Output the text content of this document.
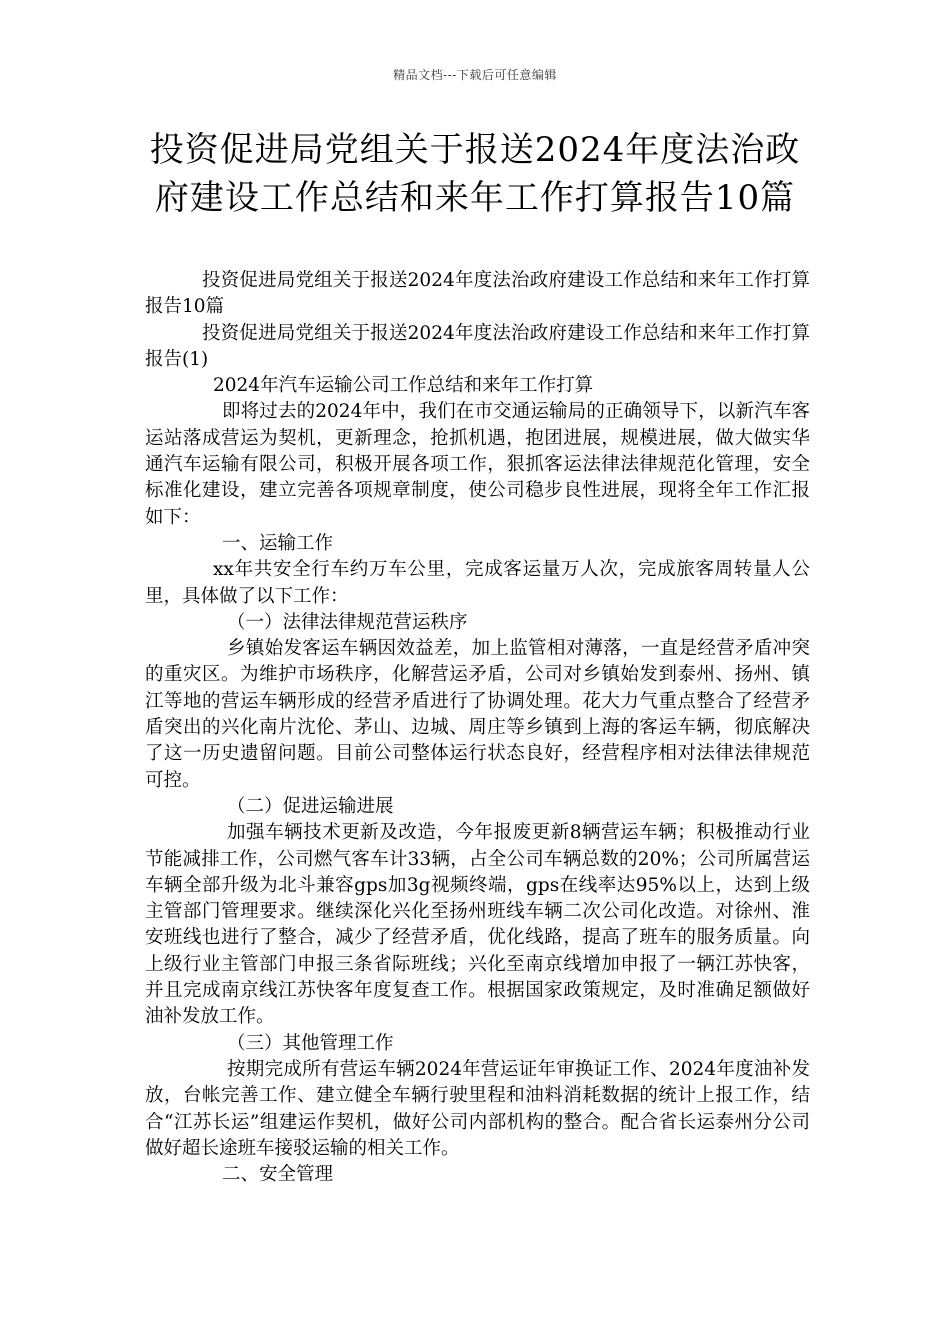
精品文档---下载后可任意编辑
投资促进局党组关于报送2024年度法治政府建设工作总结和来年工作打算报告10篇

投资促进局党组关于报送2024年度法治政府建设工作总结和来年工作打算报告10篇

投资促进局党组关于报送2024年度法治政府建设工作总结和来年工作打算报告(1)

2024年汽车运输公司工作总结和来年工作打算

即将过去的2024年中，我们在市交通运输局的正确领导下，以新汽车客运站落成营运为契机，更新理念，抢抓机遇，抱团进展，规模进展，做大做实华通汽车运输有限公司，积极开展各项工作，狠抓客运法律法律规范化管理，安全标准化建设，建立完善各项规章制度，使公司稳步良性进展，现将全年工作汇报如下：

一、运输工作

xx年共安全行车约万车公里，完成客运量万人次，完成旅客周转量人公里，具体做了以下工作：

（一）法律法律规范营运秩序

乡镇始发客运车辆因效益差，加上监管相对薄落，一直是经营矛盾冲突的重灾区。为维护市场秩序，化解营运矛盾，公司对乡镇始发到泰州、扬州、镇江等地的营运车辆形成的经营矛盾进行了协调处理。花大力气重点整合了经营矛盾突出的兴化南片沈伦、茅山、边城、周庄等乡镇到上海的客运车辆，彻底解决了这一历史遗留问题。目前公司整体运行状态良好，经营程序相对法律法律规范可控。

（二）促进运输进展

加强车辆技术更新及改造，今年报废更新8辆营运车辆；积极推动行业节能减排工作，公司燃气客车计33辆，占全公司车辆总数的20%；公司所属营运车辆全部升级为北斗兼容gps加3g视频终端，gps在线率达95%以上，达到上级主管部门管理要求。继续深化兴化至扬州班线车辆二次公司化改造。对徐州、淮安班线也进行了整合，减少了经营矛盾，优化线路，提高了班车的服务质量。向上级行业主管部门申报三条省际班线；兴化至南京线增加申报了一辆江苏快客，并且完成南京线江苏快客年度复查工作。根据国家政策规定，及时准确足额做好油补发放工作。

（三）其他管理工作

按期完成所有营运车辆2024年营运证年审换证工作、2024年度油补发放，台帐完善工作、建立健全车辆行驶里程和油料消耗数据的统计上报工作，结合“江苏长运”组建运作契机，做好公司内部机构的整合。配合省长运泰州分公司做好超长途班车接驳运输的相关工作。

二、安全管理
